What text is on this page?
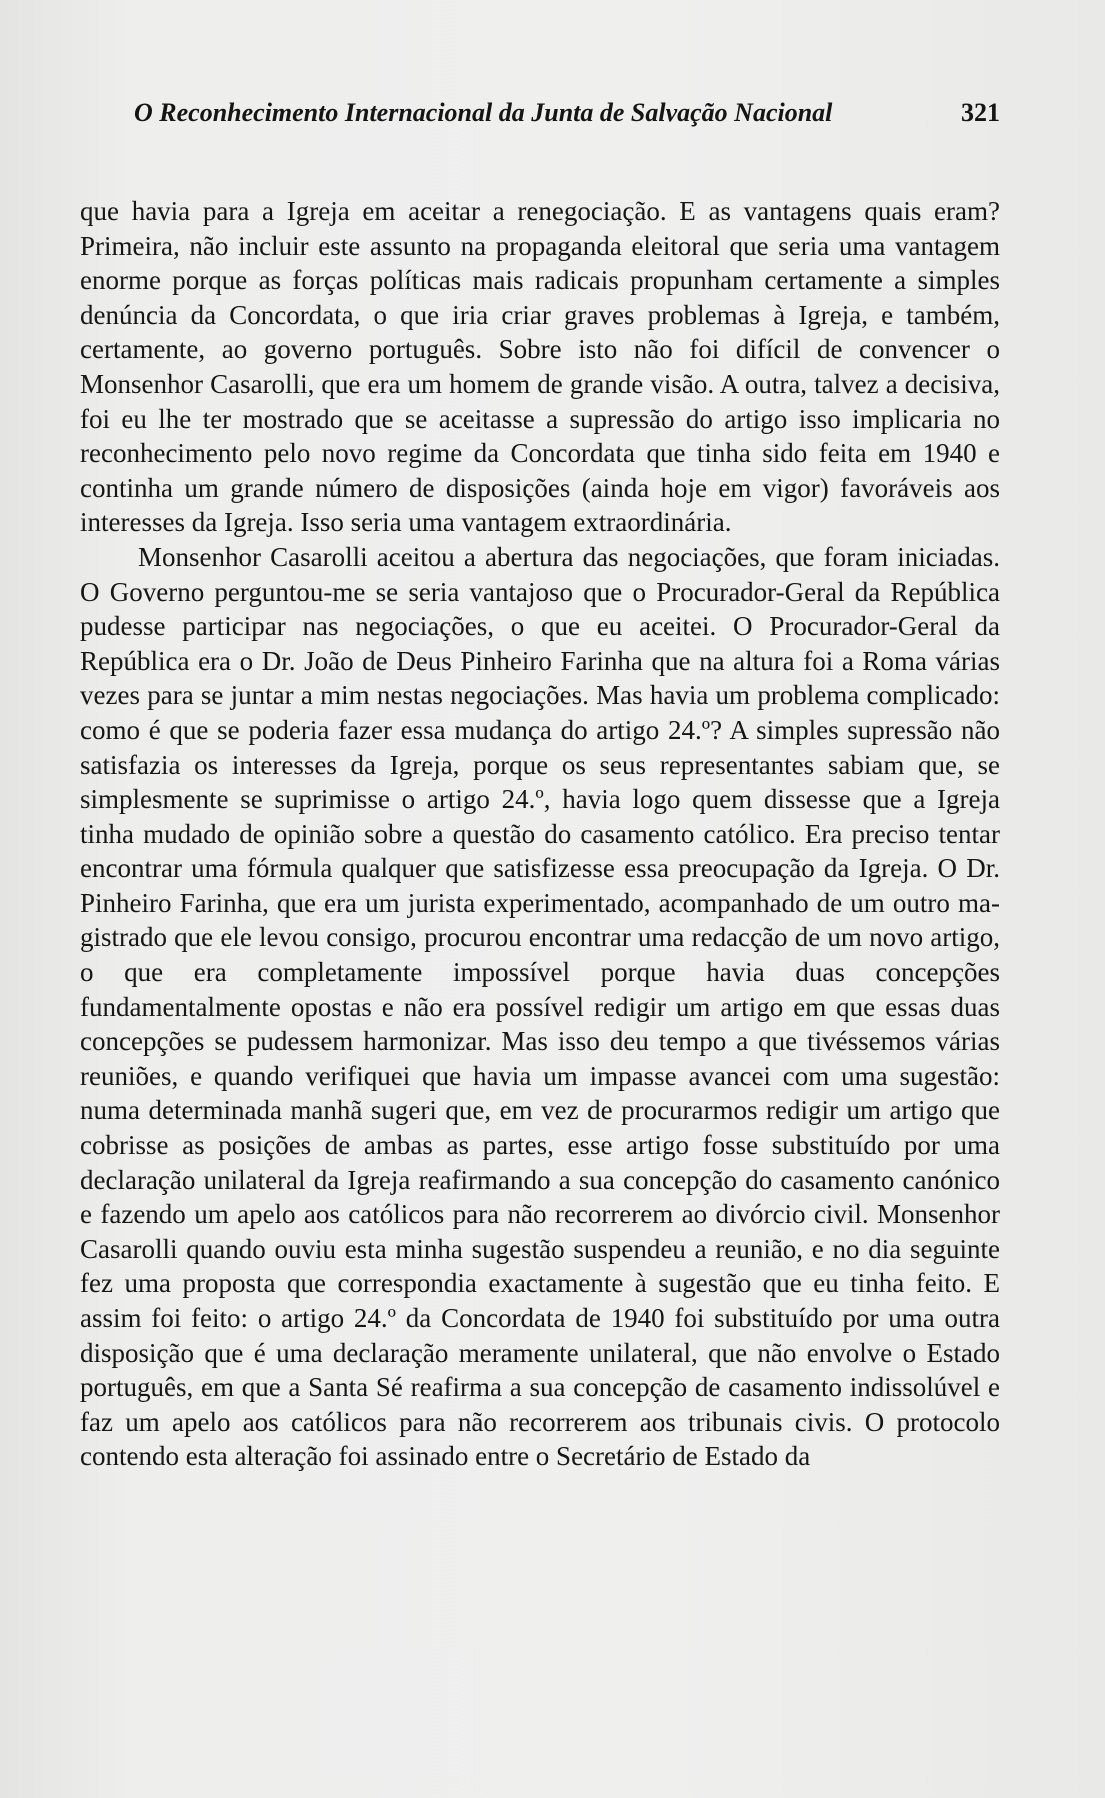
O Reconhecimento Internacional da Junta de Salvação Nacional	321

que havia para a Igreja em aceitar a renegociação. E as vantagens quais eram? Primeira, não incluir este assunto na propaganda eleitoral que seria uma vantagem enorme porque as forças políticas mais radicais propunham certamente a simples denúncia da Concordata, o que iria criar graves problemas à Igreja, e também, certamente, ao governo português. Sobre isto não foi difícil de convencer o Monsenhor Casarolli, que era um homem de grande visão. A outra, talvez a decisiva, foi eu lhe ter mostrado que se aceitasse a supressão do artigo isso implicaria no reconhecimento pelo novo regime da Concordata que tinha sido feita em 1940 e continha um grande número de disposições (ainda hoje em vigor) favoráveis aos interesses da Igreja. Isso seria uma vantagem extraordinária.

Monsenhor Casarolli aceitou a abertura das negociações, que foram iniciadas. O Governo perguntou-me se seria vantajoso que o Procurador-Geral da República pudesse participar nas negociações, o que eu aceitei. O Procurador-Geral da República era o Dr. João de Deus Pinheiro Farinha que na altura foi a Roma várias vezes para se juntar a mim nestas negociações. Mas havia um problema complicado: como é que se poderia fazer essa mudança do artigo 24.º? A simples supressão não satisfazia os interesses da Igreja, porque os seus representantes sabiam que, se simplesmente se suprimisse o artigo 24.º, havia logo quem dissesse que a Igreja tinha mudado de opinião sobre a questão do casamento católico. Era preciso tentar encontrar uma fórmula qualquer que satisfizesse essa preocupação da Igreja. O Dr. Pinheiro Farinha, que era um jurista experimentado, acompanhado de um outro magistrado que ele levou consigo, procurou encontrar uma redacção de um novo artigo, o que era completamente impossível porque havia duas concepções fundamentalmente opostas e não era possível redigir um artigo em que essas duas concepções se pudessem harmonizar. Mas isso deu tempo a que tivéssemos várias reuniões, e quando verifiquei que havia um impasse avancei com uma sugestão: numa determinada manhã sugeri que, em vez de procurarmos redigir um artigo que cobrisse as posições de ambas as partes, esse artigo fosse substituído por uma declaração unilateral da Igreja reafirmando a sua concepção do casamento canónico e fazendo um apelo aos católicos para não recorrerem ao divórcio civil. Monsenhor Casarolli quando ouviu esta minha sugestão suspendeu a reunião, e no dia seguinte fez uma proposta que correspondia exactamente à sugestão que eu tinha feito. E assim foi feito: o artigo 24.º da Concordata de 1940 foi substituído por uma outra disposição que é uma declaração meramente unilateral, que não envolve o Estado português, em que a Santa Sé reafirma a sua concepção de casamento indissolúvel e faz um apelo aos católicos para não recorrerem aos tribunais civis. O protocolo contendo esta alteração foi assinado entre o Secretário de Estado da
